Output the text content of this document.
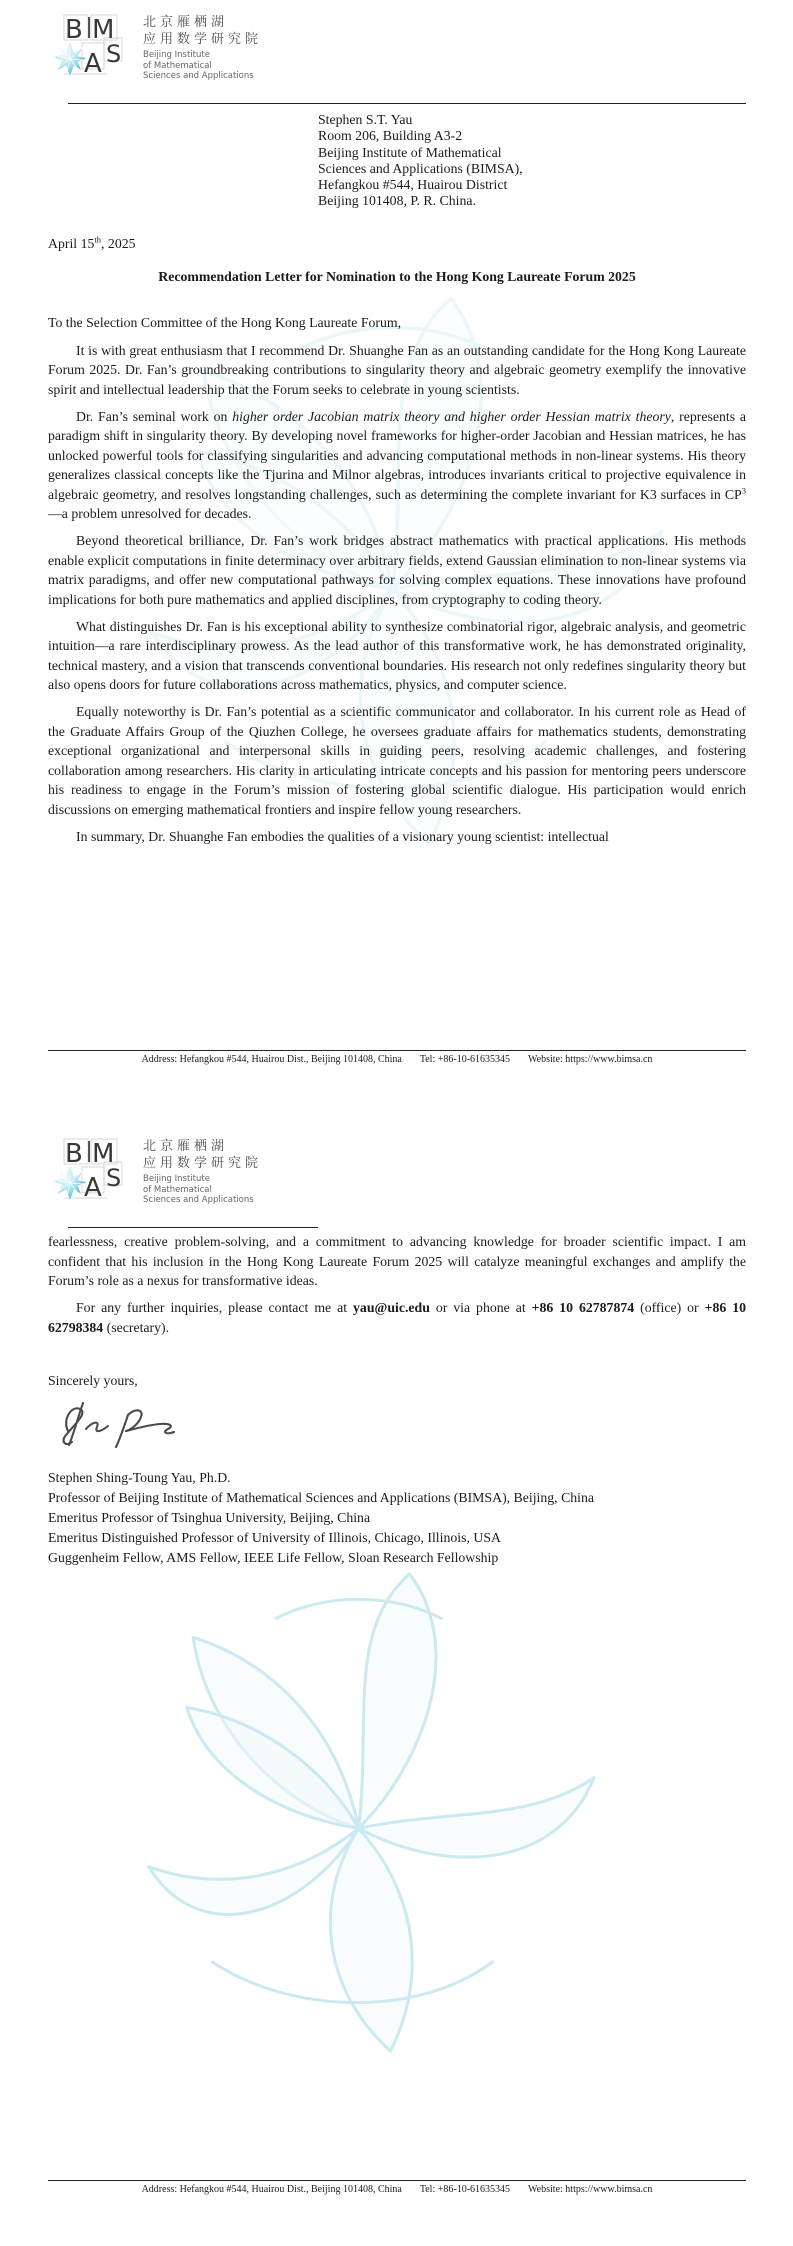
B M
A S
北京雁栖湖
应用数学研究院
Beijing Institute
of Mathematical
Sciences and Applications
Stephen S.T. Yau
Room 206, Building A3-2
Beijing Institute of Mathematical
Sciences and Applications (BIMSA),
Hefangkou #544, Huairou District
Beijing 101408, P. R. China.

April 15th, 2025

Recommendation Letter for Nomination to the Hong Kong Laureate Forum 2025

To the Selection Committee of the Hong Kong Laureate Forum,

It is with great enthusiasm that I recommend Dr. Shuanghe Fan as an outstanding candidate for the Hong Kong Laureate Forum 2025. Dr. Fan’s groundbreaking contributions to singularity theory and algebraic geometry exemplify the innovative spirit and intellectual leadership that the Forum seeks to celebrate in young scientists.

Dr. Fan’s seminal work on higher order Jacobian matrix theory and higher order Hessian matrix theory, represents a paradigm shift in singularity theory. By developing novel frameworks for higher-order Jacobian and Hessian matrices, he has unlocked powerful tools for classifying singularities and advancing computational methods in non-linear systems. His theory generalizes classical concepts like the Tjurina and Milnor algebras, introduces invariants critical to projective equivalence in algebraic geometry, and resolves longstanding challenges, such as determining the complete invariant for K3 surfaces in $CP^3—a$ problem unresolved for decades.

Beyond theoretical brilliance, Dr. Fan’s work bridges abstract mathematics with practical applications. His methods enable explicit computations in finite determinacy over arbitrary fields, extend Gaussian elimination to non-linear systems via matrix paradigms, and offer new computational pathways for solving complex equations. These innovations have profound implications for both pure mathematics and applied disciplines, from cryptography to coding theory.

What distinguishes Dr. Fan is his exceptional ability to synthesize combinatorial rigor, algebraic analysis, and geometric intuition—a rare interdisciplinary prowess. As the lead author of this transformative work, he has demonstrated originality, technical mastery, and a vision that transcends conventional boundaries. His research not only redefines singularity theory but also opens doors for future collaborations across mathematics, physics, and computer science.

Equally noteworthy is Dr. Fan’s potential as a scientific communicator and collaborator. In his current role as Head of the Graduate Affairs Group of the Qiuzhen College, he oversees graduate affairs for mathematics students, demonstrating exceptional organizational and interpersonal skills in guiding peers, resolving academic challenges, and fostering collaboration among researchers. His clarity in articulating intricate concepts and his passion for mentoring peers underscore his readiness to engage in the Forum’s mission of fostering global scientific dialogue. His participation would enrich discussions on emerging mathematical frontiers and inspire fellow young researchers.

In summary, Dr. Shuanghe Fan embodies the qualities of a visionary young scientist: intellectual

Address: Hefangkou #544, Huairou Dist., Beijing 101408, China Tel: +86-10-61635345 Website: https://www.bimsa.cn
B M
A S
北京雁栖湖
应用数学研究院
Beijing Institute
of Mathematical
Sciences and Applications

fearlessness, creative problem-solving, and a commitment to advancing knowledge for broader scientific impact. I am confident that his inclusion in the Hong Kong Laureate Forum 2025 will catalyze meaningful exchanges and amplify the Forum’s role as a nexus for transformative ideas.

For any further inquiries, please contact me at yau@uic.edu or via phone at +86 10 62787874 (office) or +86 10 62798384 (secretary).

Sincerely yours,

Stephen Shing-Toung Yau, Ph.D.
Professor of Beijing Institute of Mathematical Sciences and Applications (BIMSA), Beijing, China
Emeritus Professor of Tsinghua University, Beijing, China
Emeritus Distinguished Professor of University of Illinois, Chicago, Illinois, USA
Guggenheim Fellow, AMS Fellow, IEEE Life Fellow, Sloan Research Fellowship
Address: Hefangkou #544, Huairou Dist., Beijing 101408, China Tel: +86-10-61635345 Website: https://www.bimsa.cn
